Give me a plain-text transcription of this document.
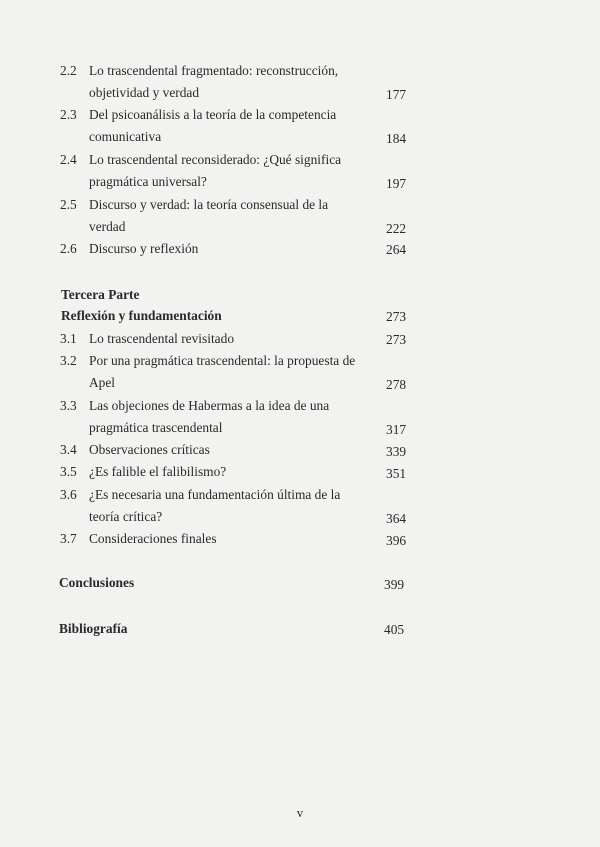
2.2 Lo trascendental fragmentado: reconstrucción,
objetividad y verdad	177
2.3 Del psicoanálisis a la teoría de la competencia
comunicativa	184
2.4 Lo trascendental reconsiderado: ¿Qué significa
pragmática universal?	197
2.5 Discurso y verdad: la teoría consensual de la
verdad	222
2.6 Discurso y reflexión	264
Tercera Parte
Reflexión y fundamentación	273
3.1 Lo trascendental revisitado	273
3.2 Por una pragmática trascendental: la propuesta de
Apel	278
3.3 Las objeciones de Habermas a la idea de una
pragmática trascendental	317
3.4 Observaciones críticas	339
3.5 ¿Es falible el falibilismo?	351
3.6 ¿Es necesaria una fundamentación última de la
teoría crítica?	364
3.7 Consideraciones finales	396
Conclusiones	399
Bibliografía	405
v
